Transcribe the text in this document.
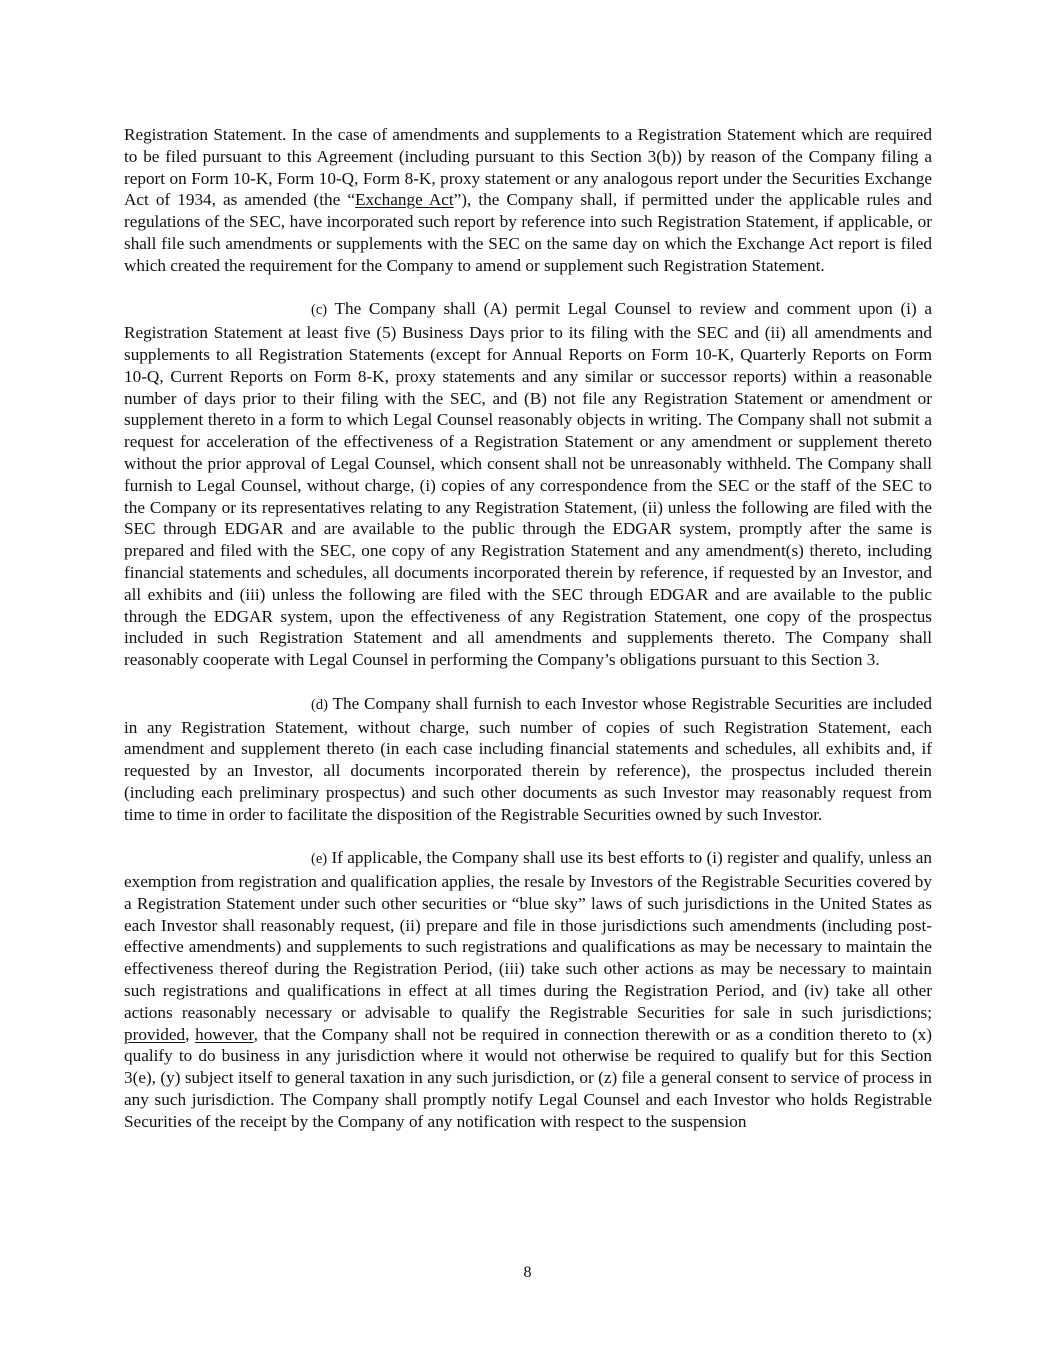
Registration Statement. In the case of amendments and supplements to a Registration Statement which are required to be filed pursuant to this Agreement (including pursuant to this Section 3(b)) by reason of the Company filing a report on Form 10-K, Form 10-Q, Form 8-K, proxy statement or any analogous report under the Securities Exchange Act of 1934, as amended (the “Exchange Act”), the Company shall, if permitted under the applicable rules and regulations of the SEC, have incorporated such report by reference into such Registration Statement, if applicable, or shall file such amendments or supplements with the SEC on the same day on which the Exchange Act report is filed which created the requirement for the Company to amend or supplement such Registration Statement.

(c) The Company shall (A) permit Legal Counsel to review and comment upon (i) a Registration Statement at least five (5) Business Days prior to its filing with the SEC and (ii) all amendments and supplements to all Registration Statements (except for Annual Reports on Form 10-K, Quarterly Reports on Form 10-Q, Current Reports on Form 8-K, proxy statements and any similar or successor reports) within a reasonable number of days prior to their filing with the SEC, and (B) not file any Registration Statement or amendment or supplement thereto in a form to which Legal Counsel reasonably objects in writing. The Company shall not submit a request for acceleration of the effectiveness of a Registration Statement or any amendment or supplement thereto without the prior approval of Legal Counsel, which consent shall not be unreasonably withheld. The Company shall furnish to Legal Counsel, without charge, (i) copies of any correspondence from the SEC or the staff of the SEC to the Company or its representatives relating to any Registration Statement, (ii) unless the following are filed with the SEC through EDGAR and are available to the public through the EDGAR system, promptly after the same is prepared and filed with the SEC, one copy of any Registration Statement and any amendment(s) thereto, including financial statements and schedules, all documents incorporated therein by reference, if requested by an Investor, and all exhibits and (iii) unless the following are filed with the SEC through EDGAR and are available to the public through the EDGAR system, upon the effectiveness of any Registration Statement, one copy of the prospectus included in such Registration Statement and all amendments and supplements thereto. The Company shall reasonably cooperate with Legal Counsel in performing the Company’s obligations pursuant to this Section 3.

(d) The Company shall furnish to each Investor whose Registrable Securities are included in any Registration Statement, without charge, such number of copies of such Registration Statement, each amendment and supplement thereto (in each case including financial statements and schedules, all exhibits and, if requested by an Investor, all documents incorporated therein by reference), the prospectus included therein (including each preliminary prospectus) and such other documents as such Investor may reasonably request from time to time in order to facilitate the disposition of the Registrable Securities owned by such Investor.

(e) If applicable, the Company shall use its best efforts to (i) register and qualify, unless an exemption from registration and qualification applies, the resale by Investors of the Registrable Securities covered by a Registration Statement under such other securities or “blue sky” laws of such jurisdictions in the United States as each Investor shall reasonably request, (ii) prepare and file in those jurisdictions such amendments (including post-effective amendments) and supplements to such registrations and qualifications as may be necessary to maintain the effectiveness thereof during the Registration Period, (iii) take such other actions as may be necessary to maintain such registrations and qualifications in effect at all times during the Registration Period, and (iv) take all other actions reasonably necessary or advisable to qualify the Registrable Securities for sale in such jurisdictions; provided, however, that the Company shall not be required in connection therewith or as a condition thereto to (x) qualify to do business in any jurisdiction where it would not otherwise be required to qualify but for this Section 3(e), (y) subject itself to general taxation in any such jurisdiction, or (z) file a general consent to service of process in any such jurisdiction. The Company shall promptly notify Legal Counsel and each Investor who holds Registrable Securities of the receipt by the Company of any notification with respect to the suspension

8
